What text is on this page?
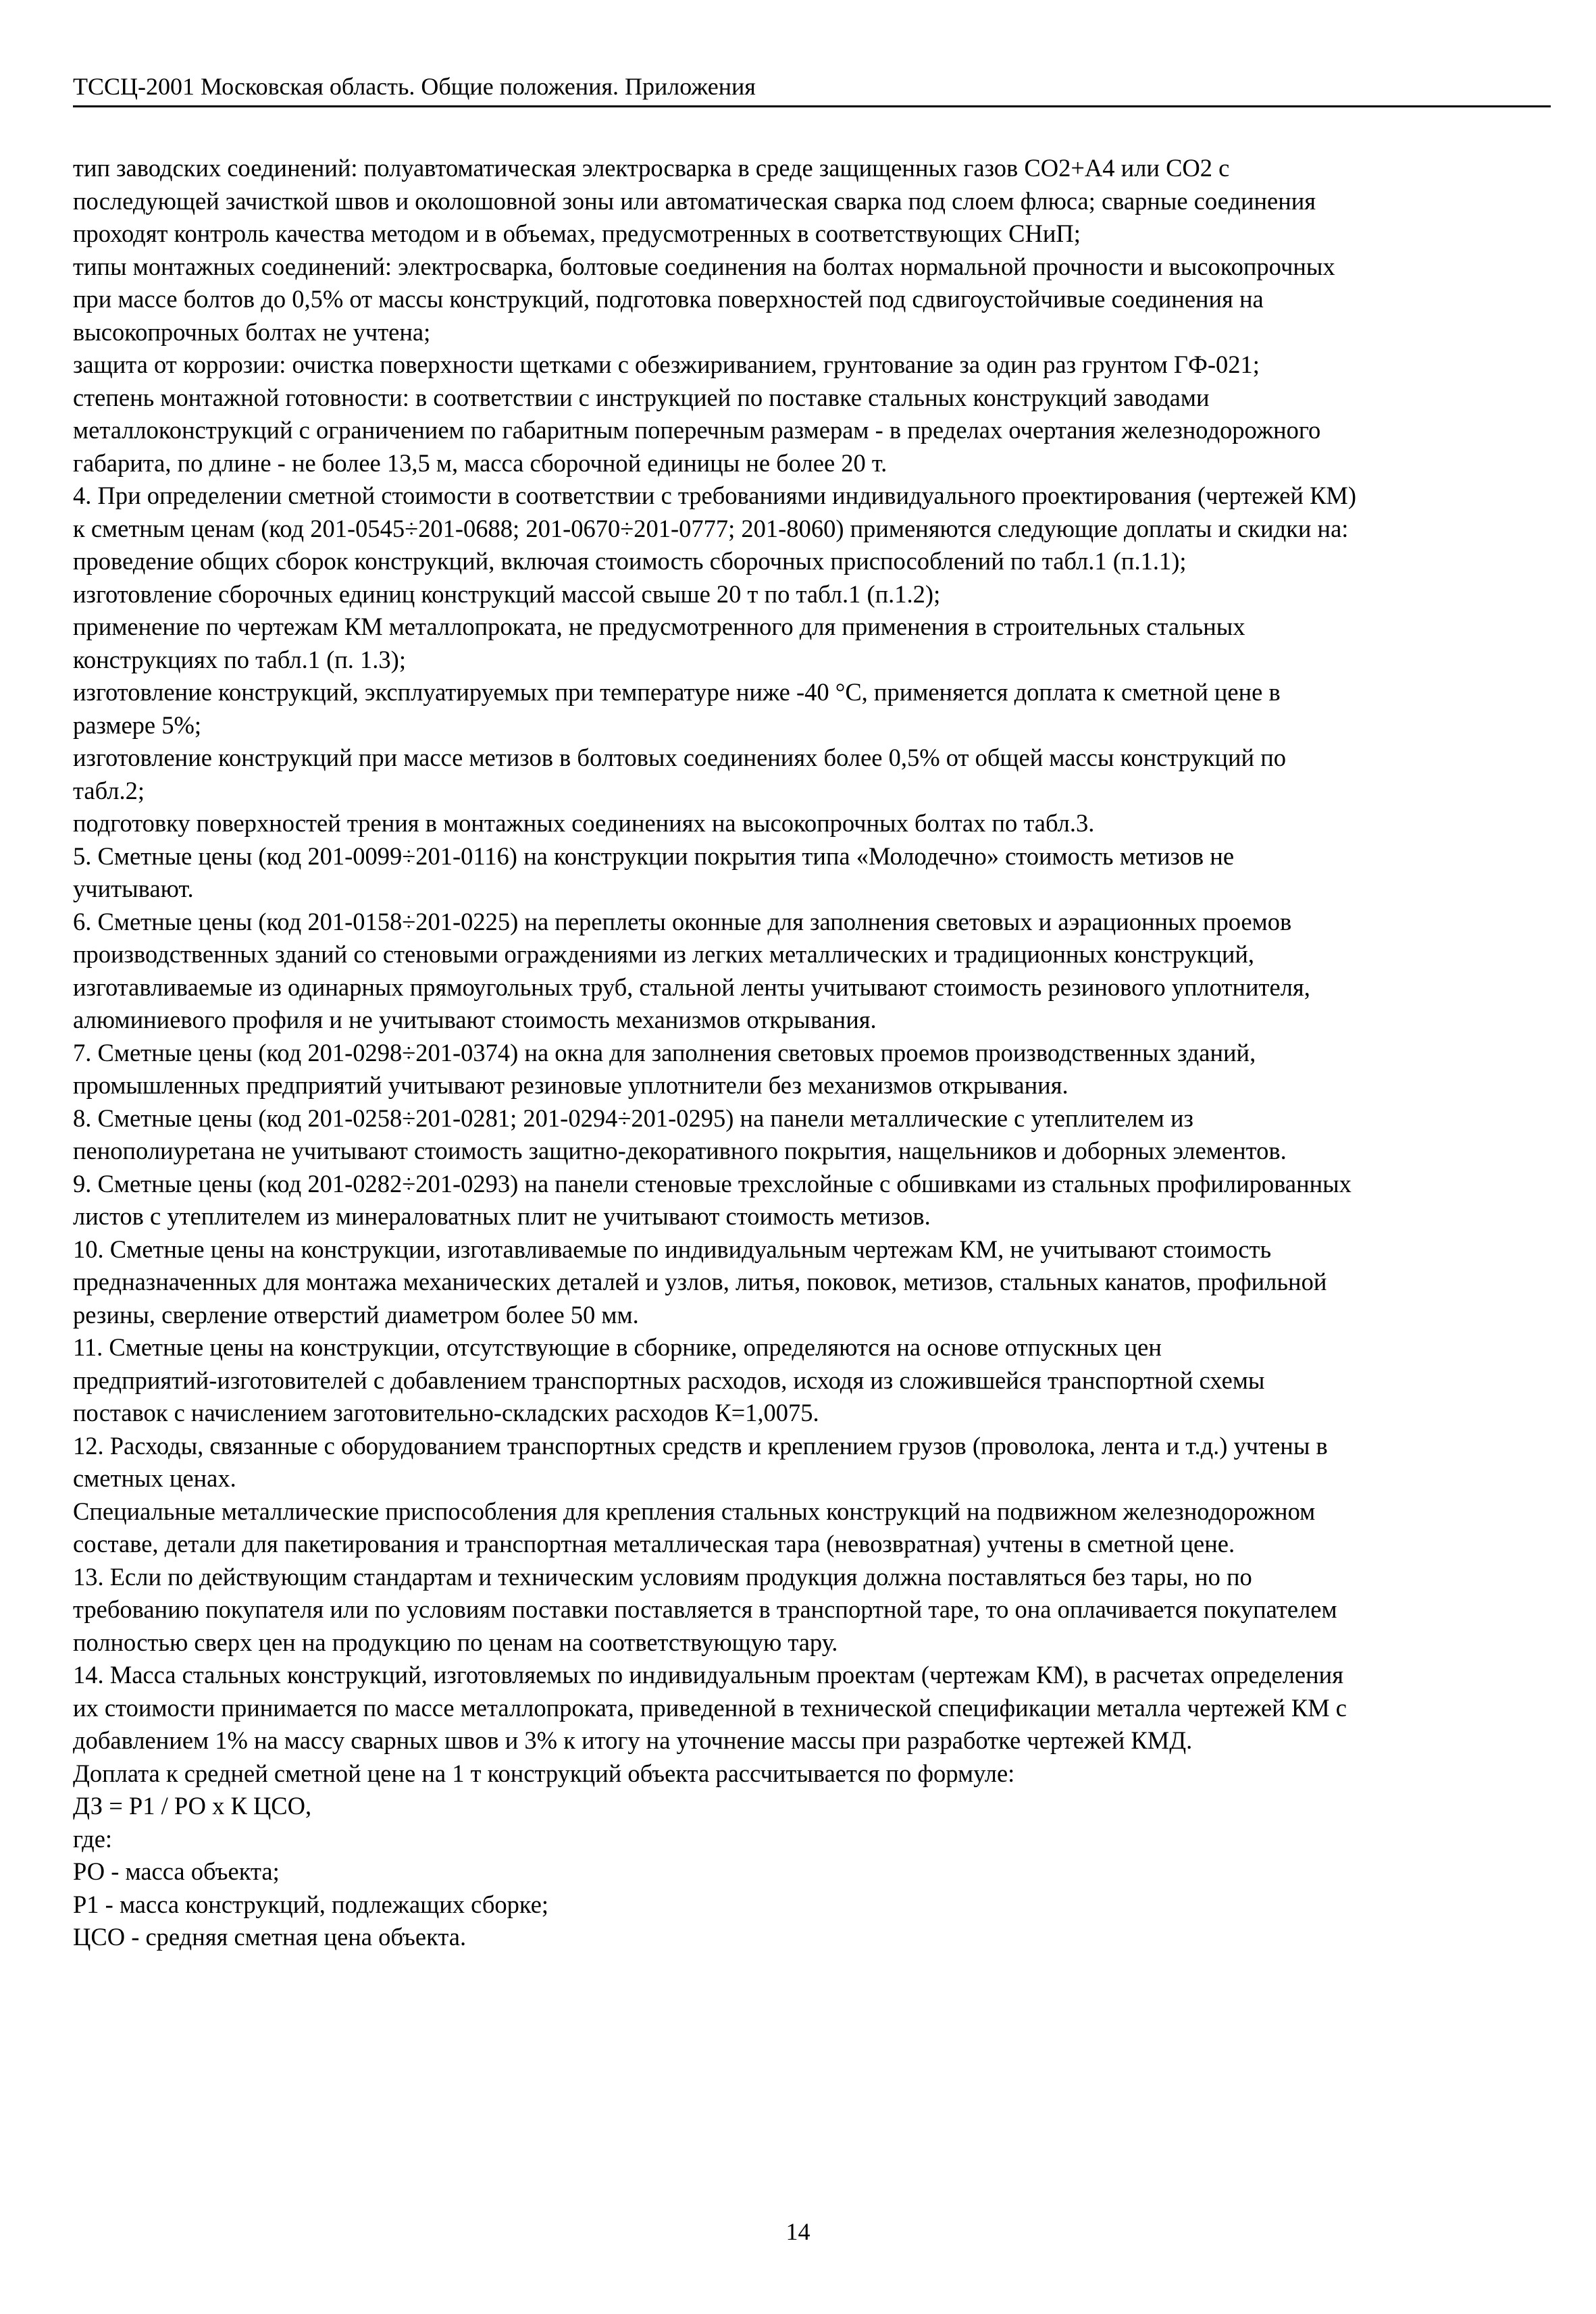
ТССЦ-2001 Московская область. Общие положения. Приложения
тип заводских соединений: полуавтоматическая электросварка в среде защищенных газов СО2+А4 или СО2 с
последующей зачисткой швов и околошовной зоны или автоматическая сварка под слоем флюса; сварные соединения
проходят контроль качества методом и в объемах, предусмотренных в соответствующих СНиП;
типы монтажных соединений: электросварка, болтовые соединения на болтах нормальной прочности и высокопрочных
при массе болтов до 0,5% от массы конструкций, подготовка поверхностей под сдвигоустойчивые соединения на
высокопрочных болтах не учтена;
защита от коррозии: очистка поверхности щетками с обезжириванием, грунтование за один раз грунтом ГФ-021;
степень монтажной готовности: в соответствии с инструкцией по поставке стальных конструкций заводами
металлоконструкций с ограничением по габаритным поперечным размерам - в пределах очертания железнодорожного
габарита, по длине - не более 13,5 м, масса сборочной единицы не более 20 т.
4. При определении сметной стоимости в соответствии с требованиями индивидуального проектирования (чертежей КМ)
к сметным ценам (код 201-0545÷201-0688; 201-0670÷201-0777; 201-8060) применяются следующие доплаты и скидки на:
проведение общих сборок конструкций, включая стоимость сборочных приспособлений по табл.1 (п.1.1);
изготовление сборочных единиц конструкций массой свыше 20 т по табл.1 (п.1.2);
применение по чертежам КМ металлопроката, не предусмотренного для применения в строительных стальных
конструкциях по табл.1 (п. 1.3);
изготовление конструкций, эксплуатируемых при температуре ниже -40 °С, применяется доплата к сметной цене в
размере 5%;
изготовление конструкций при массе метизов в болтовых соединениях более 0,5% от общей массы конструкций по
табл.2;
подготовку поверхностей трения в монтажных соединениях на высокопрочных болтах по табл.3.
5. Сметные цены (код 201-0099÷201-0116) на конструкции покрытия типа «Молодечно» стоимость метизов не
учитывают.
6. Сметные цены (код 201-0158÷201-0225) на переплеты оконные для заполнения световых и аэрационных проемов
производственных зданий со стеновыми ограждениями из легких металлических и традиционных конструкций,
изготавливаемые из одинарных прямоугольных труб, стальной ленты учитывают стоимость резинового уплотнителя,
алюминиевого профиля и не учитывают стоимость механизмов открывания.
7. Сметные цены (код 201-0298÷201-0374) на окна для заполнения световых проемов производственных зданий,
промышленных предприятий учитывают резиновые уплотнители без механизмов открывания.
8. Сметные цены (код 201-0258÷201-0281; 201-0294÷201-0295) на панели металлические с утеплителем из
пенополиуретана не учитывают стоимость защитно-декоративного покрытия, нащельников и доборных элементов.
9. Сметные цены (код 201-0282÷201-0293) на панели стеновые трехслойные с обшивками из стальных профилированных
листов с утеплителем из минераловатных плит не учитывают стоимость метизов.
10. Сметные цены на конструкции, изготавливаемые по индивидуальным чертежам КМ, не учитывают стоимость
предназначенных для монтажа механических деталей и узлов, литья, поковок, метизов, стальных канатов, профильной
резины, сверление отверстий диаметром более 50 мм.
11. Сметные цены на конструкции, отсутствующие в сборнике, определяются на основе отпускных цен
предприятий-изготовителей с добавлением транспортных расходов, исходя из сложившейся транспортной схемы
поставок с начислением заготовительно-складских расходов К=1,0075.
12. Расходы, связанные с оборудованием транспортных средств и креплением грузов (проволока, лента и т.д.) учтены в
сметных ценах.
Специальные металлические приспособления для крепления стальных конструкций на подвижном железнодорожном
составе, детали для пакетирования и транспортная металлическая тара (невозвратная) учтены в сметной цене.
13. Если по действующим стандартам и техническим условиям продукция должна поставляться без тары, но по
требованию покупателя или по условиям поставки поставляется в транспортной таре, то она оплачивается покупателем
полностью сверх цен на продукцию по ценам на соответствующую тару.
14. Масса стальных конструкций, изготовляемых по индивидуальным проектам (чертежам КМ), в расчетах определения
их стоимости принимается по массе металлопроката, приведенной в технической спецификации металла чертежей КМ с
добавлением 1% на массу сварных швов и 3% к итогу на уточнение массы при разработке чертежей КМД.
Доплата к средней сметной цене на 1 т конструкций объекта рассчитывается по формуле:
ДЗ = Р1 / РО х К ЦСО,
где:
РО - масса объекта;
Р1 - масса конструкций, подлежащих сборке;
ЦСО - средняя сметная цена объекта.
14
